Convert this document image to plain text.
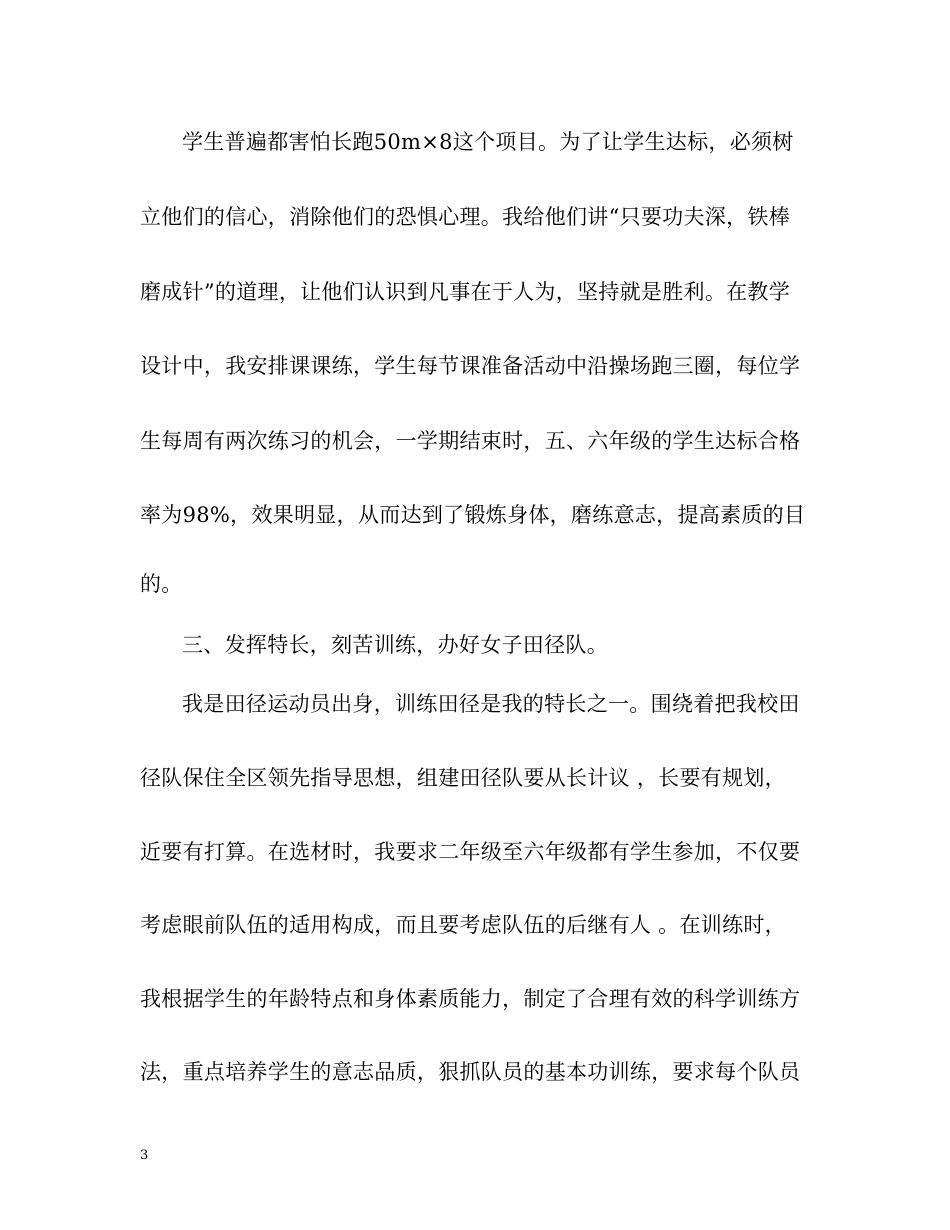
学生普遍都害怕长跑50m×8这个项目。为了让学生达标，必须树
立他们的信心，消除他们的恐惧心理。我给他们讲“只要功夫深，铁棒
磨成针”的道理，让他们认识到凡事在于人为，坚持就是胜利。在教学
设计中，我安排课课练，学生每节课准备活动中沿操场跑三圈，每位学
生每周有两次练习的机会，一学期结束时，五、六年级的学生达标合格
率为98%，效果明显，从而达到了锻炼身体，磨练意志，提高素质的目
的。
三、发挥特长，刻苦训练，办好女子田径队。
我是田径运动员出身，训练田径是我的特长之一。围绕着把我校田
径队保住全区领先指导思想，组建田径队要从长计议 ，长要有规划，
近要有打算。在选材时，我要求二年级至六年级都有学生参加，不仅要
考虑眼前队伍的适用构成，而且要考虑队伍的后继有人 。在训练时，
我根据学生的年龄特点和身体素质能力，制定了合理有效的科学训练方
法，重点培养学生的意志品质，狠抓队员的基本功训练，要求每个队员
3
